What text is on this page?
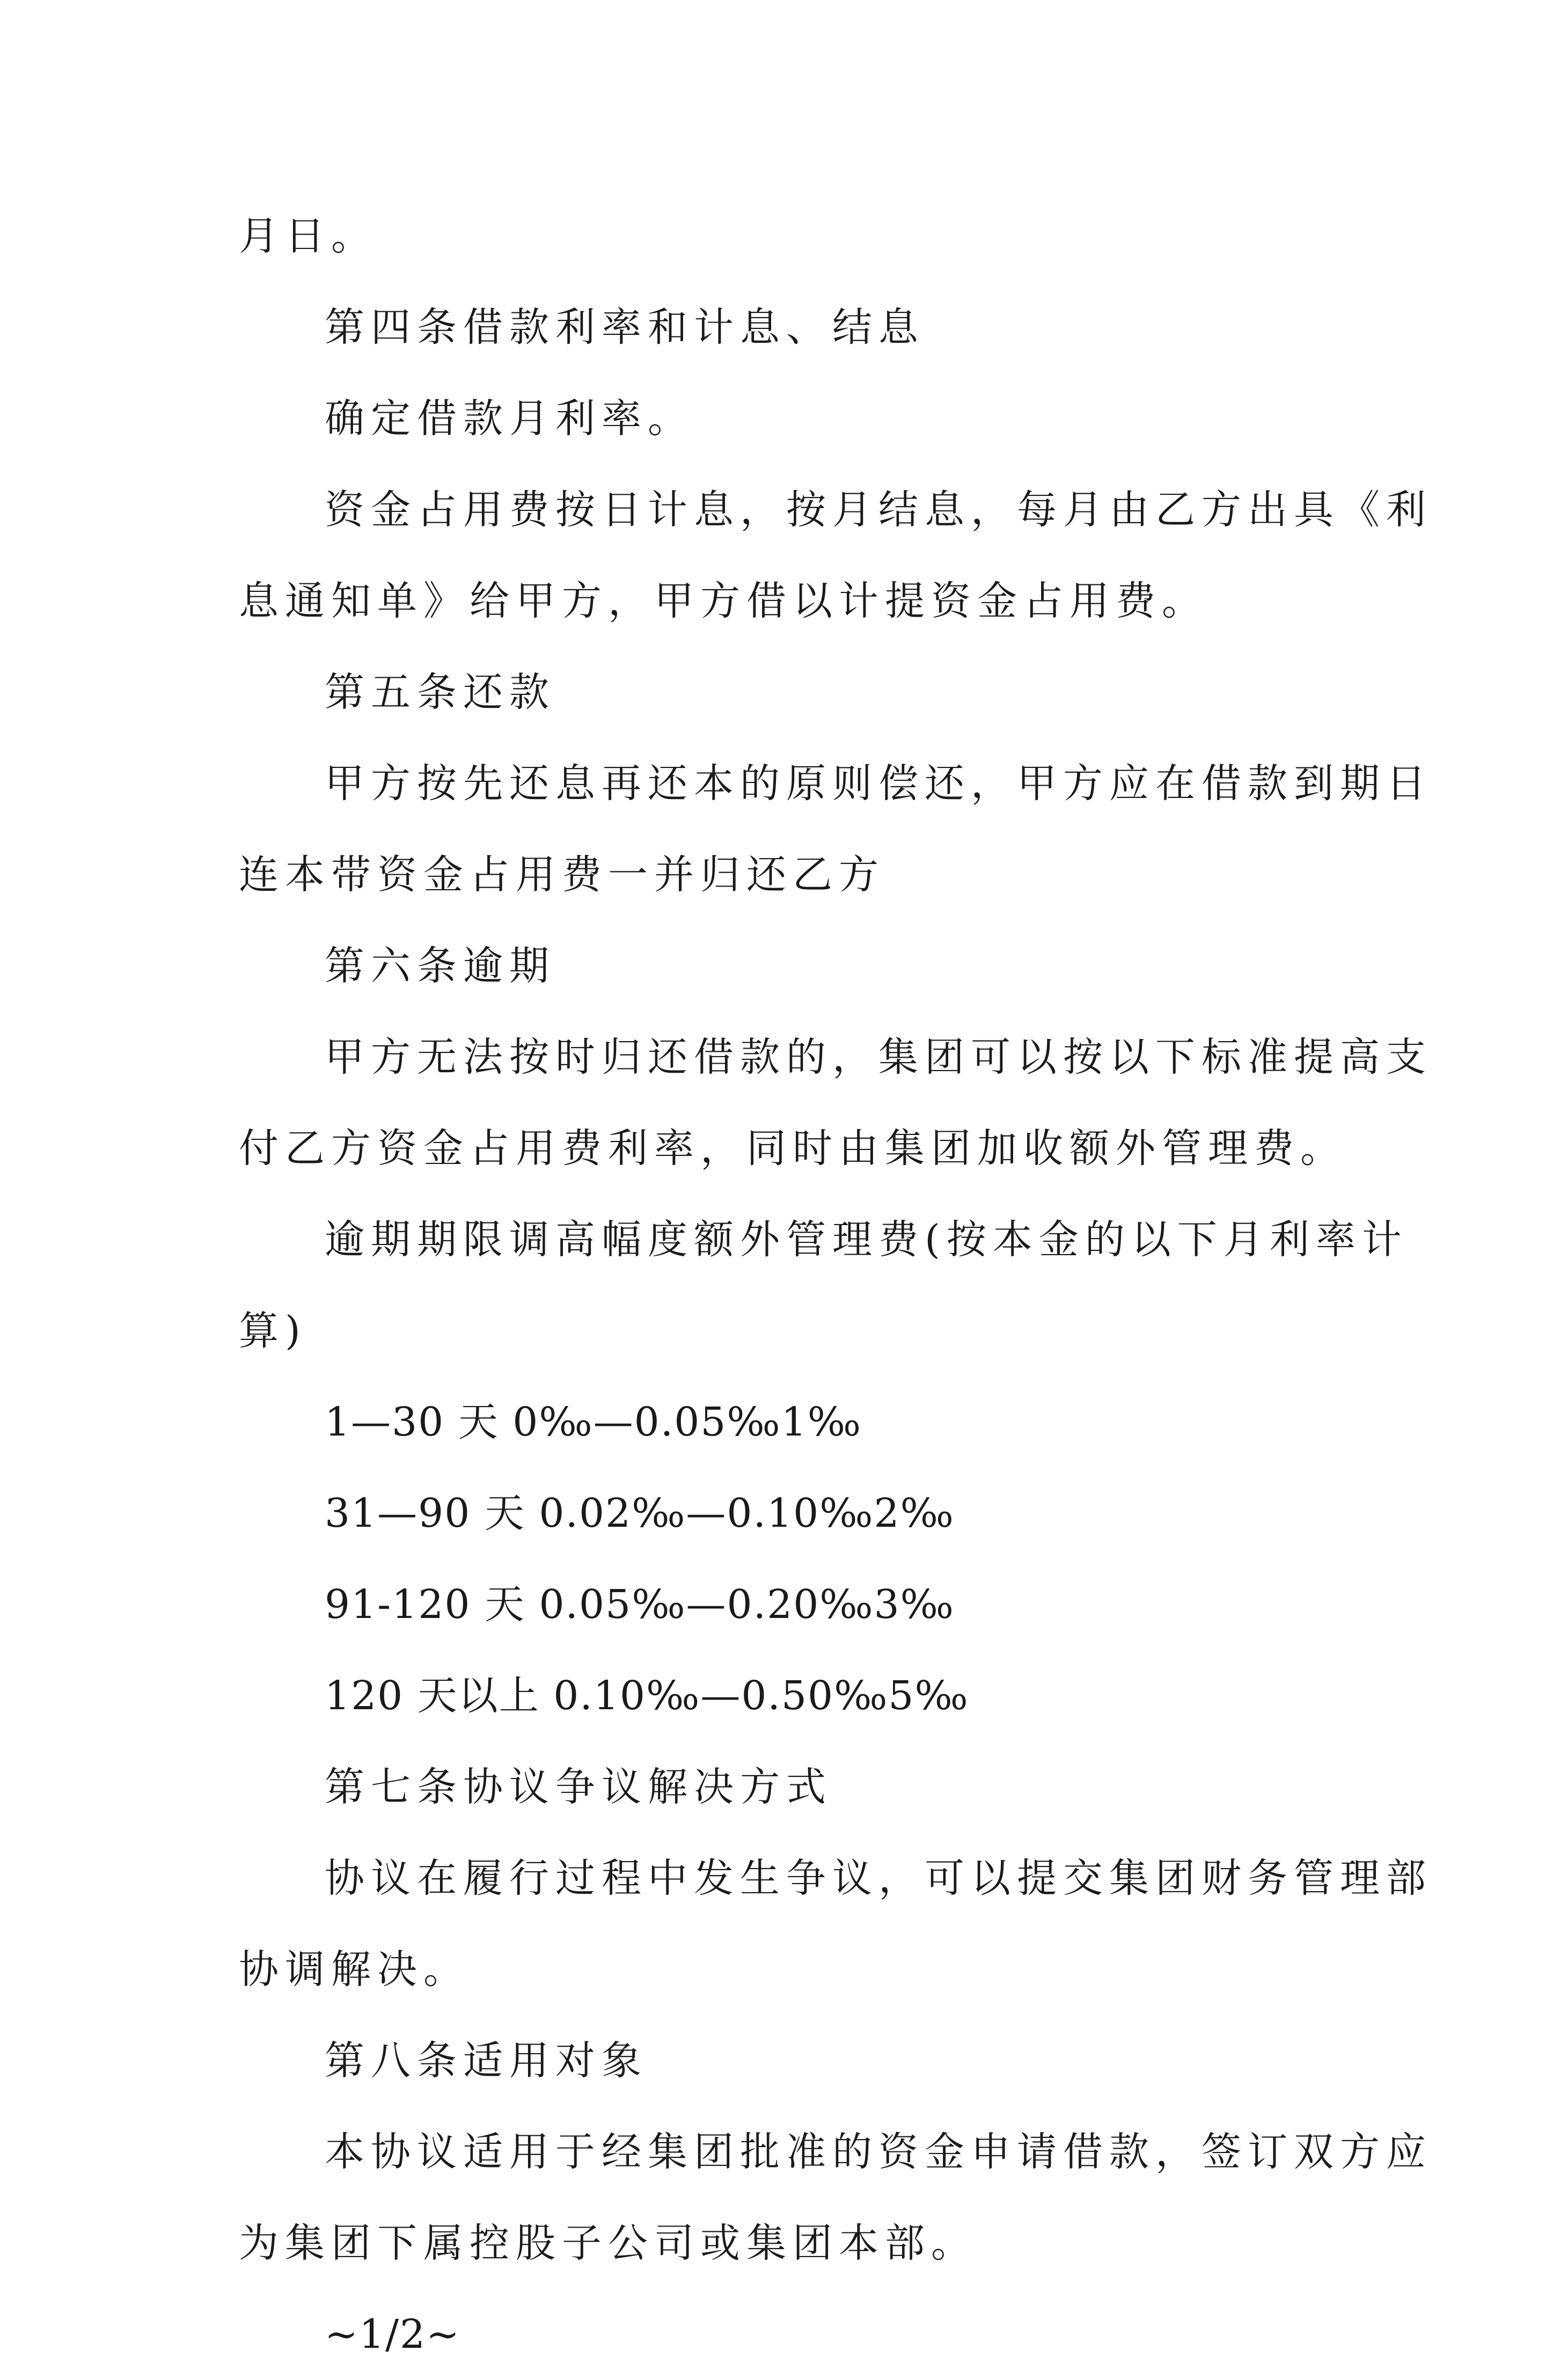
月日。
第四条借款利率和计息、结息
确定借款月利率。
资金占用费按日计息，按月结息，每月由乙方出具《利
息通知单》给甲方，甲方借以计提资金占用费。
第五条还款
甲方按先还息再还本的原则偿还，甲方应在借款到期日
连本带资金占用费一并归还乙方
第六条逾期
甲方无法按时归还借款的，集团可以按以下标准提高支
付乙方资金占用费利率，同时由集团加收额外管理费。
逾期期限调高幅度额外管理费(按本金的以下月利率计
算)
1—30 天 0‰—0.05‰1‰
31—90 天 0.02‰—0.10‰2‰
91-120 天 0.05‰—0.20‰3‰
120 天以上 0.10‰—0.50‰5‰
第七条协议争议解决方式
协议在履行过程中发生争议，可以提交集团财务管理部
协调解决。
第八条适用对象
本协议适用于经集团批准的资金申请借款，签订双方应
为集团下属控股子公司或集团本部。
~1/2~
